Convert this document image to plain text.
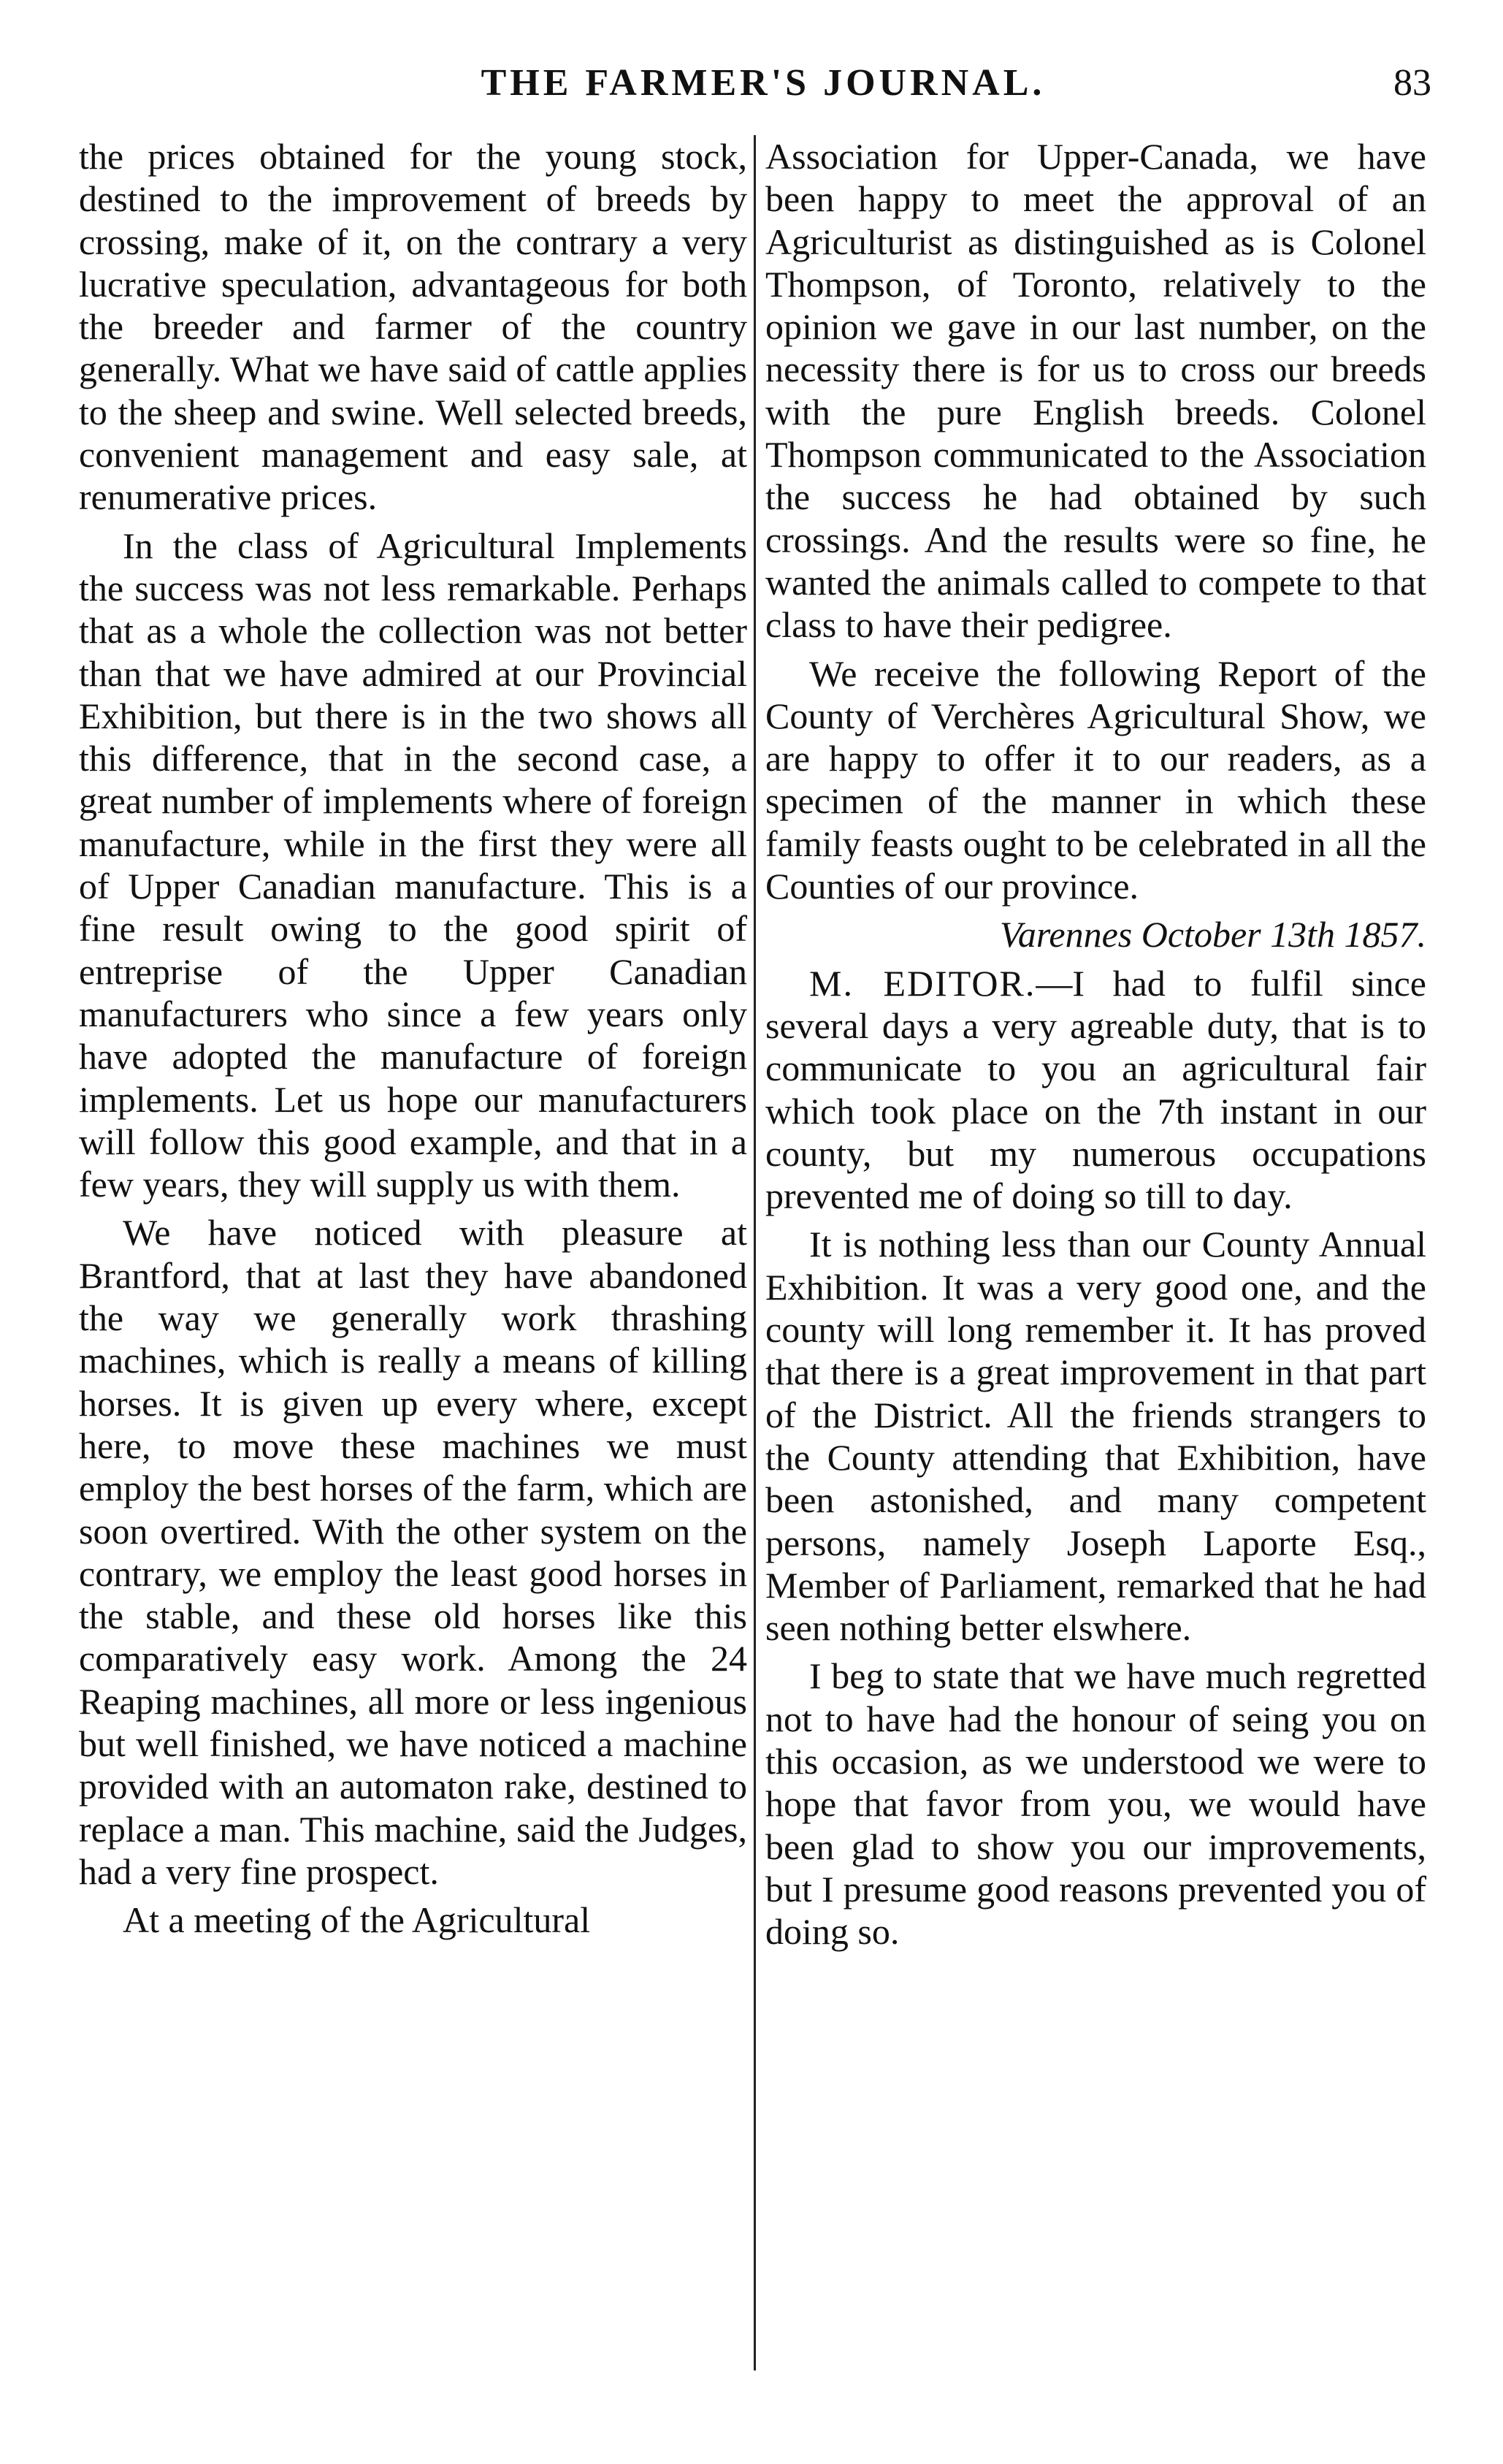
THE FARMER'S JOURNAL.	83

the prices obtained for the young stock, destined to the improvement of breeds by crossing, make of it, on the contrary a very lucrative speculation, advantageous for both the breeder and farmer of the country generally. What we have said of cattle applies to the sheep and swine. Well selected breeds, convenient management and easy sale, at renumerative prices.

In the class of Agricultural Implements the success was not less remarkable. Perhaps that as a whole the collection was not better than that we have admired at our Provincial Exhibition, but there is in the two shows all this difference, that in the second case, a great number of implements where of foreign manufacture, while in the first they were all of Upper Canadian manufacture. This is a fine result owing to the good spirit of entreprise of the Upper Canadian manufacturers who since a few years only have adopted the manufacture of foreign implements. Let us hope our manufacturers will follow this good example, and that in a few years, they will supply us with them.

We have noticed with pleasure at Brantford, that at last they have abandoned the way we generally work thrashing machines, which is really a means of killing horses. It is given up every where, except here, to move these machines we must employ the best horses of the farm, which are soon overtired. With the other system on the contrary, we employ the least good horses in the stable, and these old horses like this comparatively easy work. Among the 24 Reaping machines, all more or less ingenious but well finished, we have noticed a machine provided with an automaton rake, destined to replace a man. This machine, said the Judges, had a very fine prospect.

At a meeting of the Agricultural

Association for Upper-Canada, we have been happy to meet the approval of an Agriculturist as distinguished as is Colonel Thompson, of Toronto, relatively to the opinion we gave in our last number, on the necessity there is for us to cross our breeds with the pure English breeds. Colonel Thompson communicated to the Association the success he had obtained by such crossings. And the results were so fine, he wanted the animals called to compete to that class to have their pedigree.

We receive the following Report of the County of Verchères Agricultural Show, we are happy to offer it to our readers, as a specimen of the manner in which these family feasts ought to be celebrated in all the Counties of our province.

Varennes October 13th 1857.

M. EDITOR.—I had to fulfil since several days a very agreable duty, that is to communicate to you an agricultural fair which took place on the 7th instant in our county, but my numerous occupations prevented me of doing so till to day.

It is nothing less than our County Annual Exhibition. It was a very good one, and the county will long remember it. It has proved that there is a great improvement in that part of the District. All the friends strangers to the County attending that Exhibition, have been astonished, and many competent persons, namely Joseph Laporte Esq., Member of Parliament, remarked that he had seen nothing better elswhere.

I beg to state that we have much regretted not to have had the honour of seing you on this occasion, as we understood we were to hope that favor from you, we would have been glad to show you our improvements, but I presume good reasons prevented you of doing so.
